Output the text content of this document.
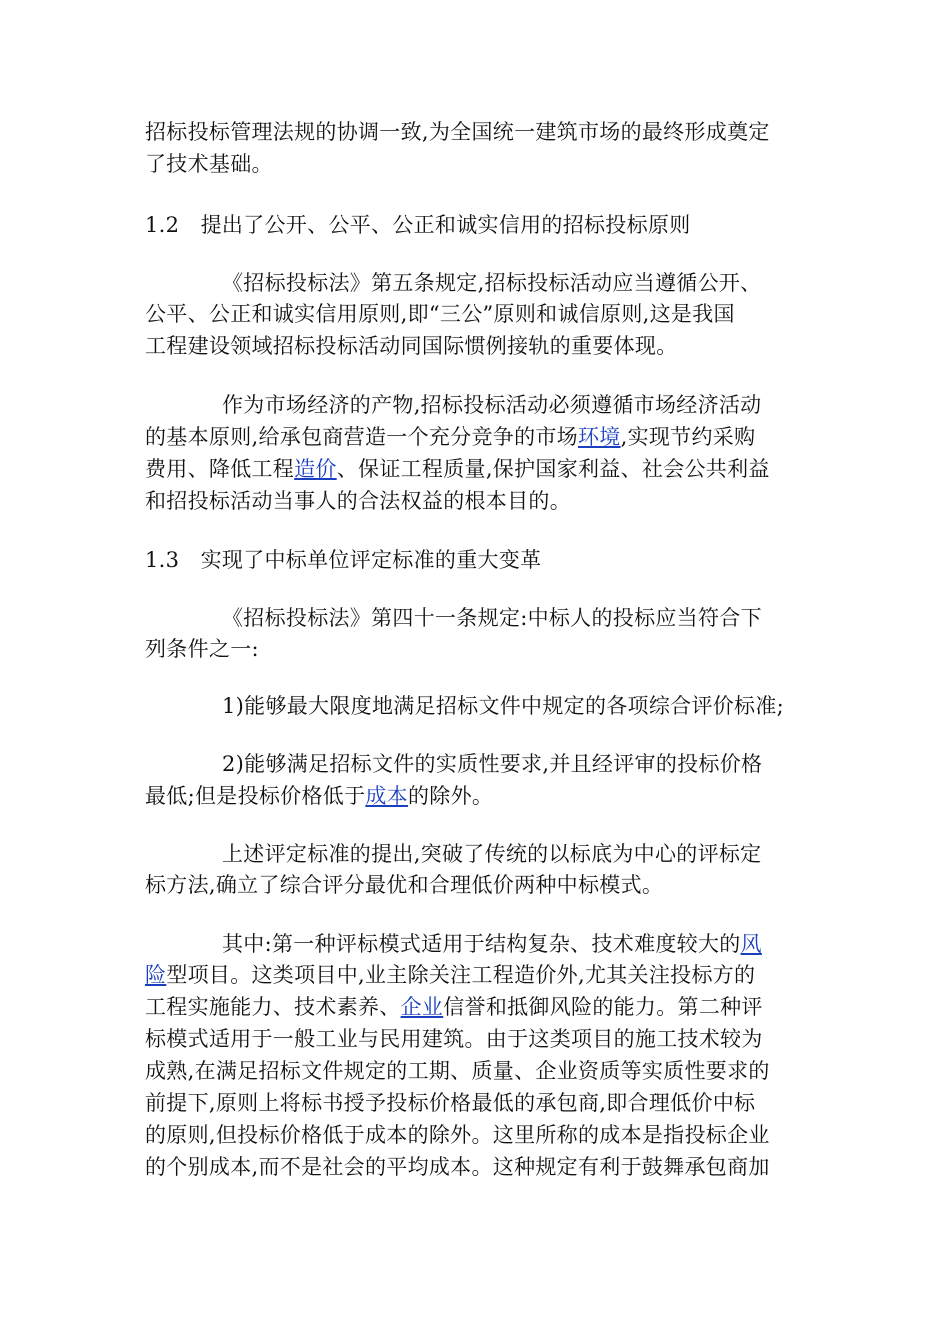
招标投标管理法规的协调一致,为全国统一建筑市场的最终形成奠定
了技术基础。
1.2　提出了公开、公平、公正和诚实信用的招标投标原则
《招标投标法》第五条规定,招标投标活动应当遵循公开、
公平、公正和诚实信用原则,即“三公”原则和诚信原则,这是我国
工程建设领域招标投标活动同国际惯例接轨的重要体现。
作为市场经济的产物,招标投标活动必须遵循市场经济活动
的基本原则,给承包商营造一个充分竞争的市场环境,实现节约采购
费用、降低工程造价、保证工程质量,保护国家利益、社会公共利益
和招投标活动当事人的合法权益的根本目的。
1.3　实现了中标单位评定标准的重大变革
《招标投标法》第四十一条规定:中标人的投标应当符合下
列条件之一:
1)能够最大限度地满足招标文件中规定的各项综合评价标准;
2)能够满足招标文件的实质性要求,并且经评审的投标价格
最低;但是投标价格低于成本的除外。
上述评定标准的提出,突破了传统的以标底为中心的评标定
标方法,确立了综合评分最优和合理低价两种中标模式。
其中:第一种评标模式适用于结构复杂、技术难度较大的风
险型项目。这类项目中,业主除关注工程造价外,尤其关注投标方的
工程实施能力、技术素养、企业信誉和抵御风险的能力。第二种评
标模式适用于一般工业与民用建筑。由于这类项目的施工技术较为
成熟,在满足招标文件规定的工期、质量、企业资质等实质性要求的
前提下,原则上将标书授予投标价格最低的承包商,即合理低价中标
的原则,但投标价格低于成本的除外。这里所称的成本是指投标企业
的个别成本,而不是社会的平均成本。这种规定有利于鼓舞承包商加
